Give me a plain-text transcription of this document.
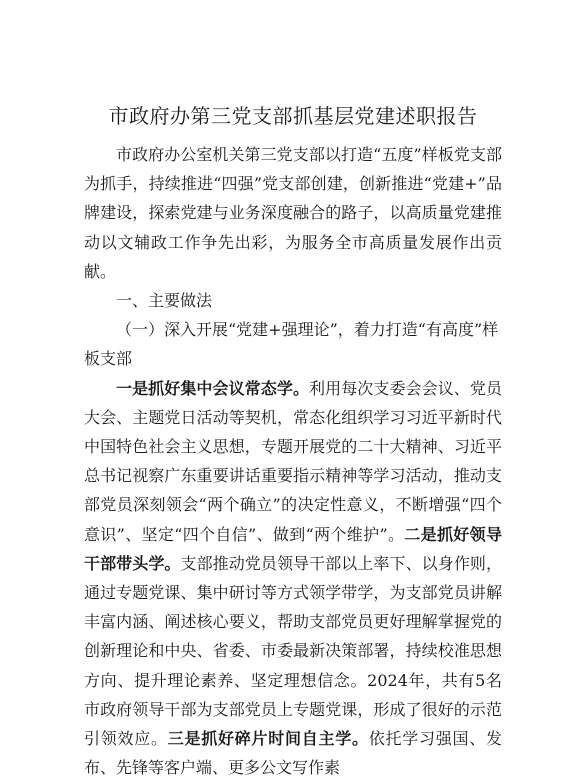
市政府办第三党支部抓基层党建述职报告

市政府办公室机关第三党支部以打造“五度”样板党支部为抓手，持续推进“四强”党支部创建，创新推进“党建+”品牌建设，探索党建与业务深度融合的路子，以高质量党建推动以文辅政工作争先出彩，为服务全市高质量发展作出贡献。

一、主要做法

（一）深入开展“党建+强理论”，着力打造“有高度”样板支部

一是抓好集中会议常态学。利用每次支委会会议、党员大会、主题党日活动等契机，常态化组织学习习近平新时代中国特色社会主义思想，专题开展党的二十大精神、习近平总书记视察广东重要讲话重要指示精神等学习活动，推动支部党员深刻领会“两个确立”的决定性意义，不断增强“四个意识”、坚定“四个自信”、做到“两个维护”。二是抓好领导干部带头学。支部推动党员领导干部以上率下、以身作则，通过专题党课、集中研讨等方式领学带学，为支部党员讲解丰富内涵、阐述核心要义，帮助支部党员更好理解掌握党的创新理论和中央、省委、市委最新决策部署，持续校准思想方向、提升理论素养、坚定理想信念。2024年，共有5名市政府领导干部为支部党员上专题党课，形成了很好的示范引领效应。三是抓好碎片时间自主学。依托学习强国、发布、先锋等客户端、更多公文写作素
